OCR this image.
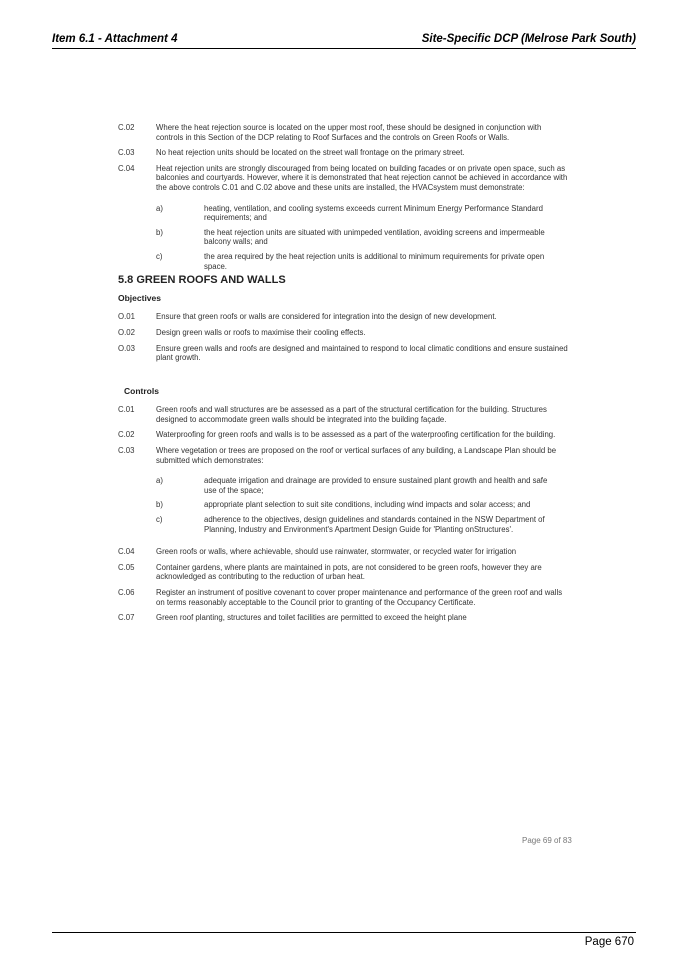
Item 6.1 - Attachment 4	Site-Specific DCP (Melrose Park South)
C.02	Where the heat rejection source is located on the upper most roof, these should be designed in conjunction with controls in this Section of the DCP relating to Roof Surfaces and the controls on Green Roofs or Walls.
C.03	No heat rejection units should be located on the street wall frontage on the primary street.
C.04	Heat rejection units are strongly discouraged from being located on building facades or on private open space, such as balconies and courtyards. However, where it is demonstrated that heat rejection cannot be achieved in accordance with the above controls C.01 and C.02 above and these units are installed, the HVACsystem must demonstrate:
a)	heating, ventilation, and cooling systems exceeds current Minimum Energy Performance Standard requirements; and
b)	the heat rejection units are situated with unimpeded ventilation, avoiding screens and impermeable balcony walls; and
c)	the area required by the heat rejection units is additional to minimum requirements for private open space.
5.8 GREEN ROOFS AND WALLS
Objectives
O.01	Ensure that green roofs or walls are considered for integration into the design of new development.
O.02	Design green walls or roofs to maximise their cooling effects.
O.03	Ensure green walls and roofs are designed and maintained to respond to local climatic conditions and ensure sustained plant growth.
Controls
C.01	Green roofs and wall structures are be assessed as a part of the structural certification for the building. Structures designed to accommodate green walls should be integrated into the building façade.
C.02	Waterproofing for green roofs and walls is to be assessed as a part of the waterproofing certification for the building.
C.03	Where vegetation or trees are proposed on the roof or vertical surfaces of any building, a Landscape Plan should be submitted which demonstrates:
a)	adequate irrigation and drainage are provided to ensure sustained plant growth and health and safe use of the space;
b)	appropriate plant selection to suit site conditions, including wind impacts and solar access; and
c)	adherence to the objectives, design guidelines and standards contained in the NSW Department of Planning, Industry and Environment's Apartment Design Guide for 'Planting onStructures'.
C.04	Green roofs or walls, where achievable, should use rainwater, stormwater, or recycled water for irrigation
C.05	Container gardens, where plants are maintained in pots, are not considered to be green roofs, however they are acknowledged as contributing to the reduction of urban heat.
C.06	Register an instrument of positive covenant to cover proper maintenance and performance of the green roof and walls on terms reasonably acceptable to the Council prior to granting of the Occupancy Certificate.
C.07	Green roof planting, structures and toilet facilities are permitted to exceed the height plane
Page 69 of 83
Page 670
